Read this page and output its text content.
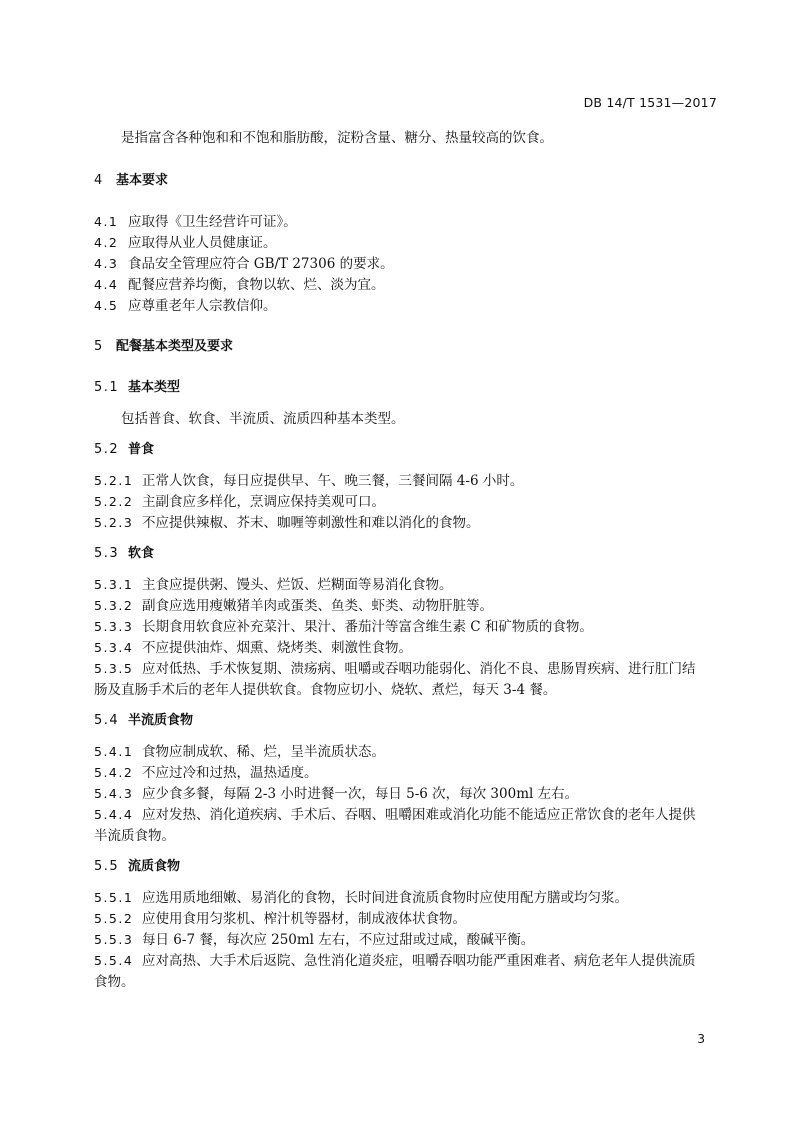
DB 14/T 1531—2017
是指富含各种饱和和不饱和脂肪酸，淀粉含量、糖分、热量较高的饮食。
4 基本要求
4.1 应取得《卫生经营许可证》。
4.2 应取得从业人员健康证。
4.3 食品安全管理应符合 GB/T 27306 的要求。
4.4 配餐应营养均衡，食物以软、烂、淡为宜。
4.5 应尊重老年人宗教信仰。
5 配餐基本类型及要求
5.1 基本类型
包括普食、软食、半流质、流质四种基本类型。
5.2 普食
5.2.1 正常人饮食，每日应提供早、午、晚三餐，三餐间隔 4-6 小时。
5.2.2 主副食应多样化，烹调应保持美观可口。
5.2.3 不应提供辣椒、芥末、咖喱等刺激性和难以消化的食物。
5.3 软食
5.3.1 主食应提供粥、馒头、烂饭、烂糊面等易消化食物。
5.3.2 副食应选用瘦嫩猪羊肉或蛋类、鱼类、虾类、动物肝脏等。
5.3.3 长期食用软食应补充菜汁、果汁、番茄汁等富含维生素 C 和矿物质的食物。
5.3.4 不应提供油炸、烟熏、烧烤类、刺激性食物。
5.3.5 应对低热、手术恢复期、溃疡病、咀嚼或吞咽功能弱化、消化不良、患肠胃疾病、进行肛门结
肠及直肠手术后的老年人提供软食。食物应切小、烧软、煮烂，每天 3-4 餐。
5.4 半流质食物
5.4.1 食物应制成软、稀、烂，呈半流质状态。
5.4.2 不应过冷和过热，温热适度。
5.4.3 应少食多餐，每隔 2-3 小时进餐一次，每日 5-6 次，每次 300ml 左右。
5.4.4 应对发热、消化道疾病、手术后、吞咽、咀嚼困难或消化功能不能适应正常饮食的老年人提供
半流质食物。
5.5 流质食物
5.5.1 应选用质地细嫩、易消化的食物，长时间进食流质食物时应使用配方膳或均匀浆。
5.5.2 应使用食用匀浆机、榨汁机等器材，制成液体状食物。
5.5.3 每日 6-7 餐，每次应 250ml 左右，不应过甜或过咸，酸碱平衡。
5.5.4 应对高热、大手术后返院、急性消化道炎症，咀嚼吞咽功能严重困难者、病危老年人提供流质
食物。
3
